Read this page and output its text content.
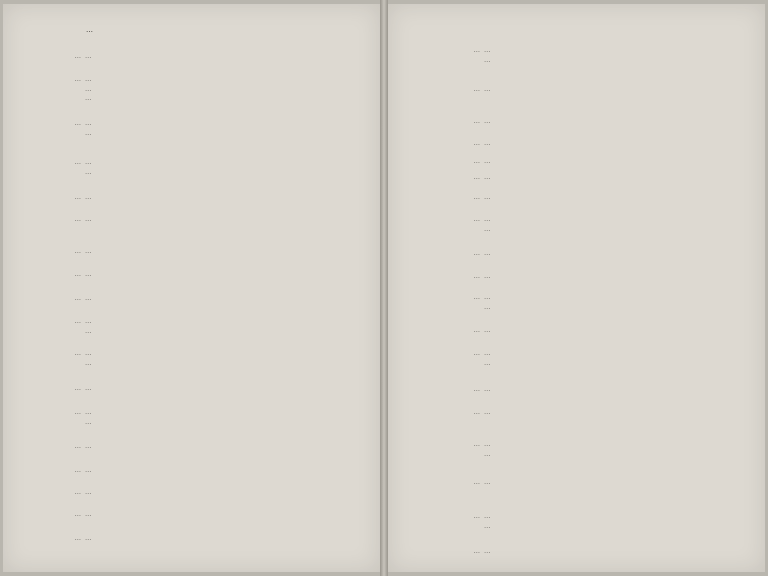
…
… …
… …
…
…
… …
…
… …
…
… …
… …
… …
… …
… …
… …
…
… …
…
… …
… …
…
… …
… …
… …
… …
… …
… …
…
… …
… …
… …
… …
… …
… …
… …
…
… …
… …
… …
…
… …
… …
…
… …
… …
… …
…
… …
… …
…
… …
